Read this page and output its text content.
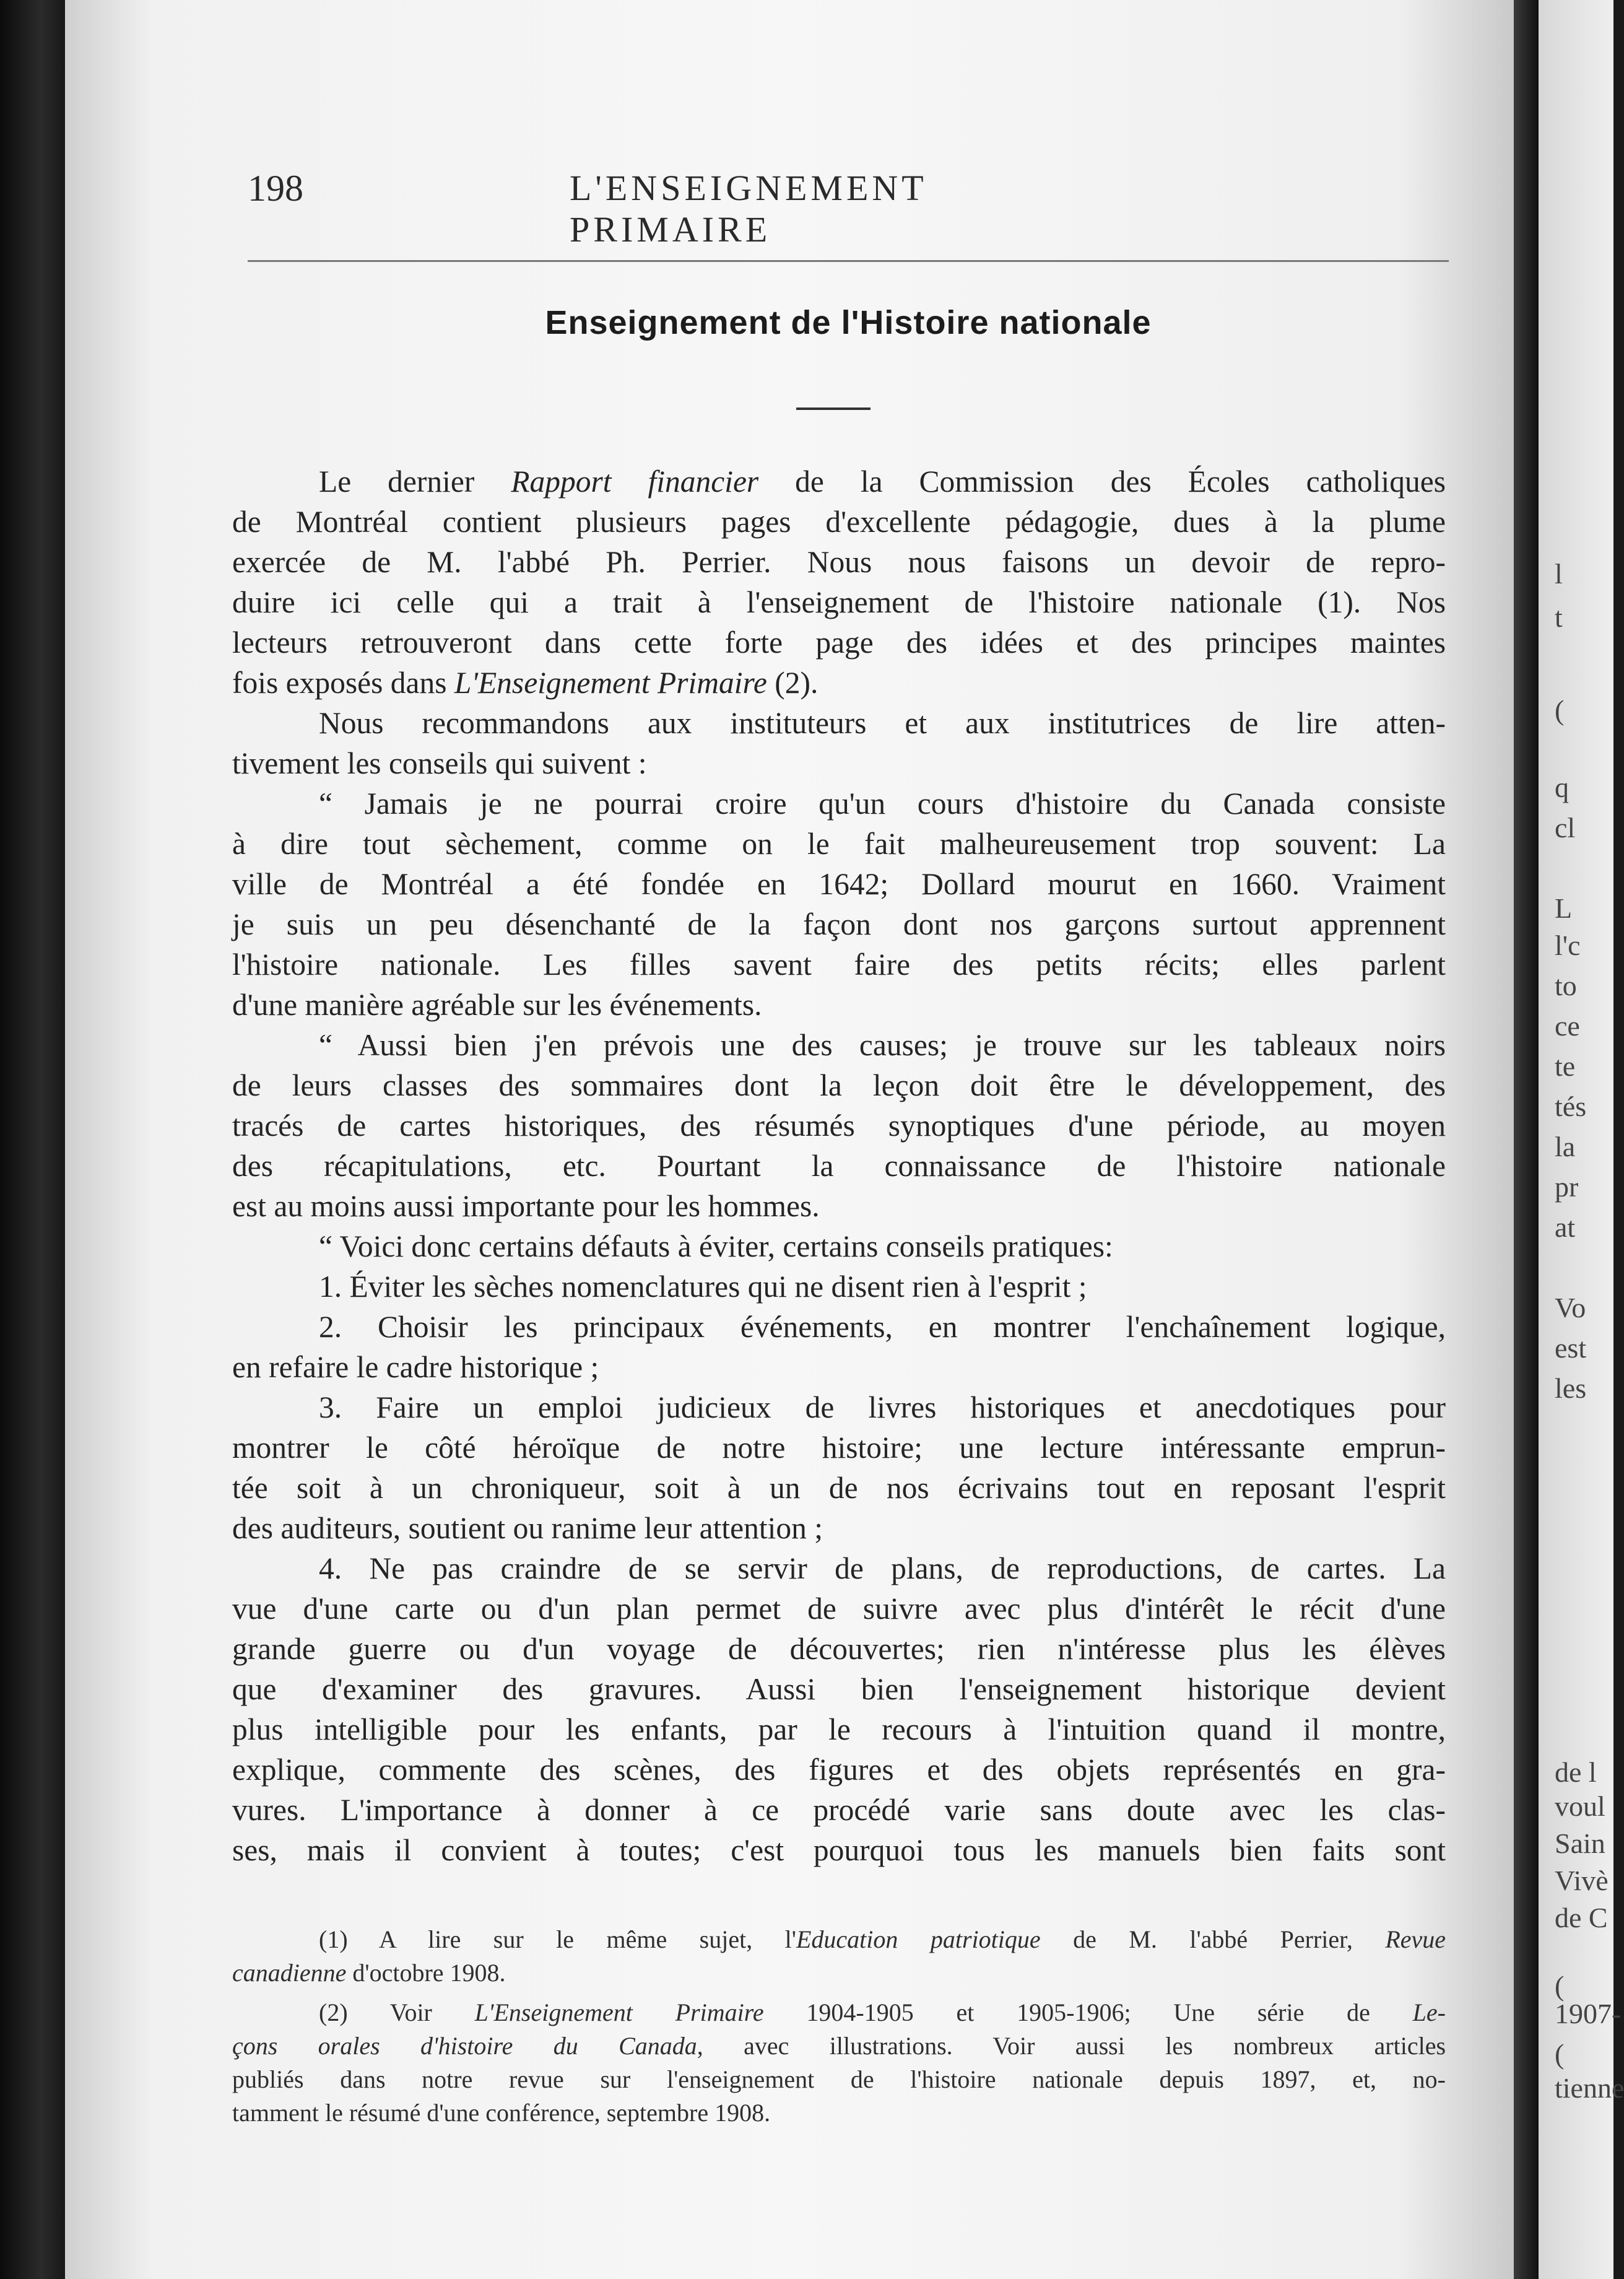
l
t
(
q
cl
L
l'c
to
ce
te
tés
la
pr
at
Vo
est
les
de l
voul
Sain
Vivè
de C
(
1907-
(
tienne
198	L'ENSEIGNEMENT PRIMAIRE
Enseignement de l'Histoire nationale

Le dernier Rapport financier de la Commission des Écoles catholiques

de Montréal contient plusieurs pages d'excellente pédagogie, dues à la plume

exercée de M. l'abbé Ph. Perrier. Nous nous faisons un devoir de repro-

duire ici celle qui a trait à l'enseignement de l'histoire nationale (1). Nos

lecteurs retrouveront dans cette forte page des idées et des principes maintes

fois exposés dans L'Enseignement Primaire (2).

Nous recommandons aux instituteurs et aux institutrices de lire atten-

tivement les conseils qui suivent :

“ Jamais je ne pourrai croire qu'un cours d'histoire du Canada consiste

à dire tout sèchement, comme on le fait malheureusement trop souvent: La

ville de Montréal a été fondée en 1642; Dollard mourut en 1660. Vraiment

je suis un peu désenchanté de la façon dont nos garçons surtout apprennent

l'histoire nationale. Les filles savent faire des petits récits; elles parlent

d'une manière agréable sur les événements.

“ Aussi bien j'en prévois une des causes; je trouve sur les tableaux noirs

de leurs classes des sommaires dont la leçon doit être le développement, des

tracés de cartes historiques, des résumés synoptiques d'une période, au moyen

des récapitulations, etc. Pourtant la connaissance de l'histoire nationale

est au moins aussi importante pour les hommes.

“ Voici donc certains défauts à éviter, certains conseils pratiques:

1. Éviter les sèches nomenclatures qui ne disent rien à l'esprit ;

2. Choisir les principaux événements, en montrer l'enchaînement logique,

en refaire le cadre historique ;

3. Faire un emploi judicieux de livres historiques et anecdotiques pour

montrer le côté héroïque de notre histoire; une lecture intéressante emprun-

tée soit à un chroniqueur, soit à un de nos écrivains tout en reposant l'esprit

des auditeurs, soutient ou ranime leur attention ;

4. Ne pas craindre de se servir de plans, de reproductions, de cartes. La

vue d'une carte ou d'un plan permet de suivre avec plus d'intérêt le récit d'une

grande guerre ou d'un voyage de découvertes; rien n'intéresse plus les élèves

que d'examiner des gravures. Aussi bien l'enseignement historique devient

plus intelligible pour les enfants, par le recours à l'intuition quand il montre,

explique, commente des scènes, des figures et des objets représentés en gra-

vures. L'importance à donner à ce procédé varie sans doute avec les clas-

ses, mais il convient à toutes; c'est pourquoi tous les manuels bien faits sont

(1) A lire sur le même sujet, l'Education patriotique de M. l'abbé Perrier, Revue

canadienne d'octobre 1908.

(2) Voir L'Enseignement Primaire 1904-1905 et 1905-1906; Une série de Le-

çons orales d'histoire du Canada, avec illustrations. Voir aussi les nombreux articles

publiés dans notre revue sur l'enseignement de l'histoire nationale depuis 1897, et, no-

tamment le résumé d'une conférence, septembre 1908.
